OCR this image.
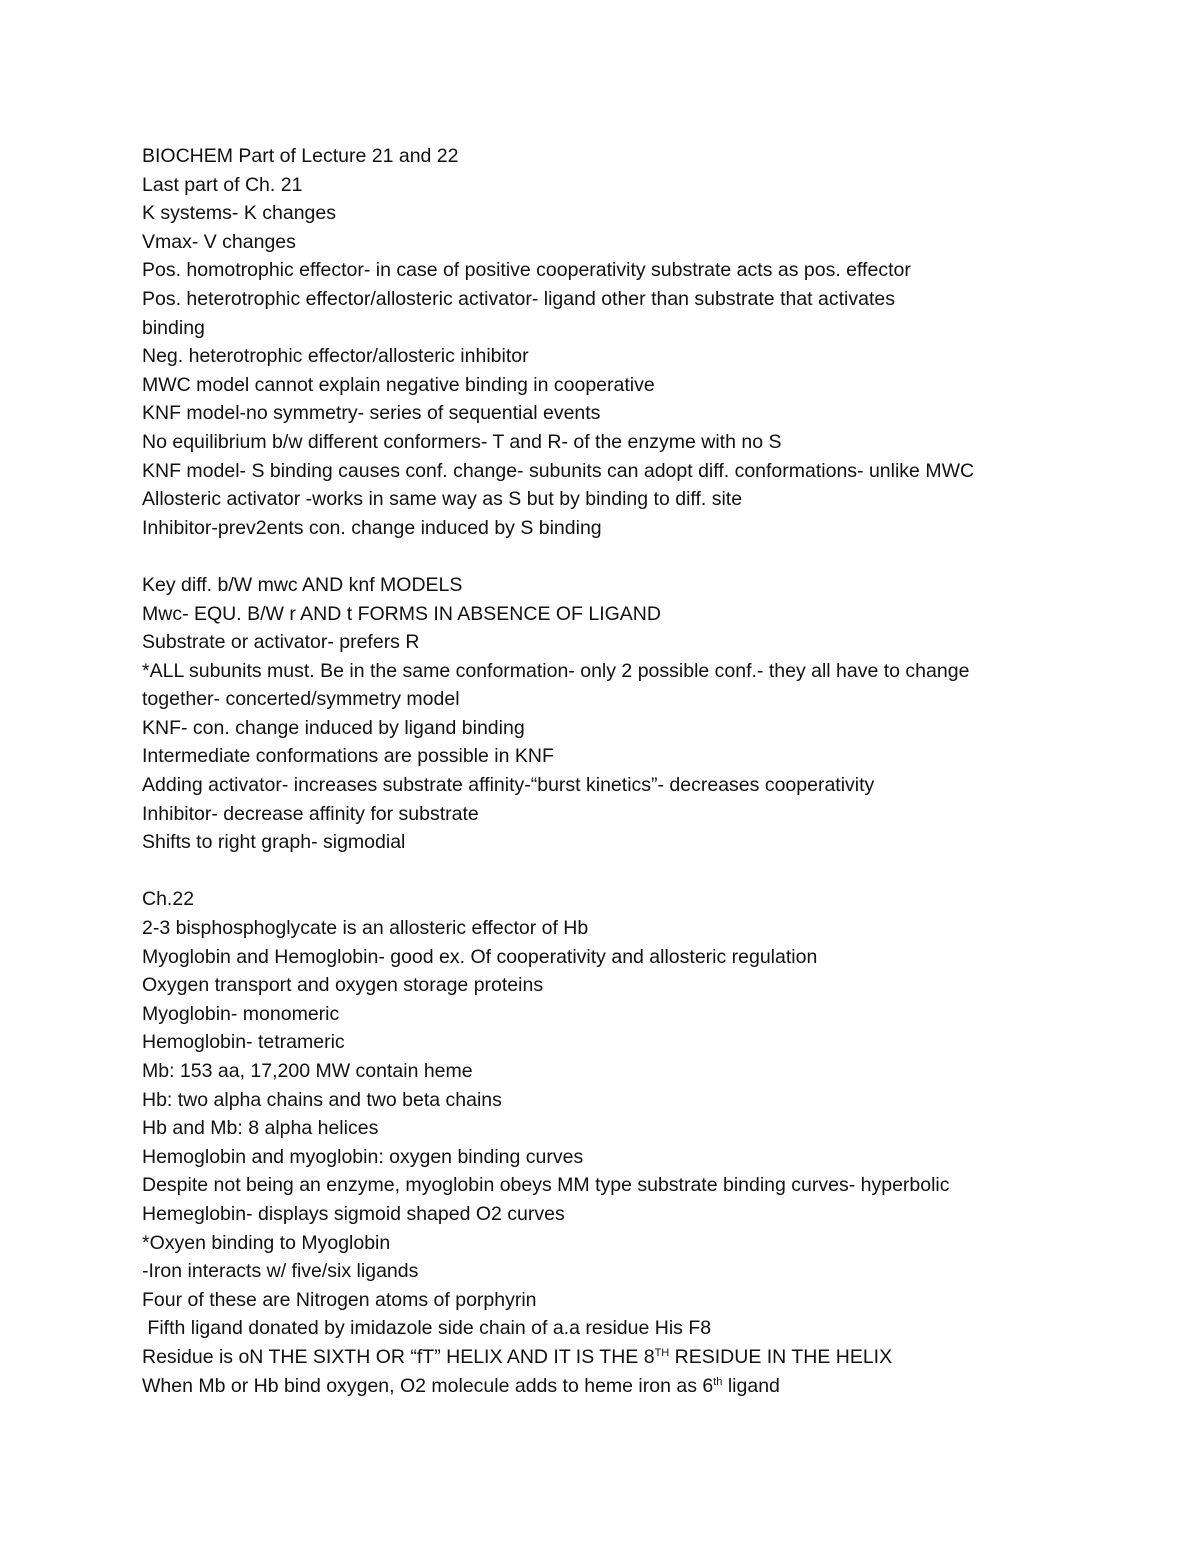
BIOCHEM Part of Lecture 21 and 22
Last part of Ch. 21
K systems- K changes
Vmax- V changes
Pos. homotrophic effector- in case of positive cooperativity substrate acts as pos. effector
Pos. heterotrophic effector/allosteric activator- ligand other than substrate that activates
binding
Neg. heterotrophic effector/allosteric inhibitor
MWC model cannot explain negative binding in cooperative
KNF model-no symmetry- series of sequential events
No equilibrium b/w different conformers- T and R- of the enzyme with no S
KNF model- S binding causes conf. change- subunits can adopt diff. conformations- unlike MWC
Allosteric activator -works in same way as S but by binding to diff. site
Inhibitor-prev2ents con. change induced by S binding
Key diff. b/W mwc AND knf MODELS
Mwc- EQU. B/W r AND t FORMS IN ABSENCE OF LIGAND
Substrate or activator- prefers R
*ALL subunits must. Be in the same conformation- only 2 possible conf.- they all have to change
together- concerted/symmetry model
KNF- con. change induced by ligand binding
Intermediate conformations are possible in KNF
Adding activator- increases substrate affinity-“burst kinetics”- decreases cooperativity
Inhibitor- decrease affinity for substrate
Shifts to right graph- sigmodial
Ch.22
2-3 bisphosphoglycate is an allosteric effector of Hb
Myoglobin and Hemoglobin- good ex. Of cooperativity and allosteric regulation
Oxygen transport and oxygen storage proteins
Myoglobin- monomeric
Hemoglobin- tetrameric
Mb: 153 aa, 17,200 MW contain heme
Hb: two alpha chains and two beta chains
Hb and Mb: 8 alpha helices
Hemoglobin and myoglobin: oxygen binding curves
Despite not being an enzyme, myoglobin obeys MM type substrate binding curves- hyperbolic
Hemeglobin- displays sigmoid shaped O2 curves
*Oxyen binding to Myoglobin
-Iron interacts w/ five/six ligands
Four of these are Nitrogen atoms of porphyrin
Fifth ligand donated by imidazole side chain of a.a residue His F8
Residue is oN THE SIXTH OR “fT” HELIX AND IT IS THE 8TH RESIDUE IN THE HELIX
When Mb or Hb bind oxygen, O2 molecule adds to heme iron as 6th ligand
